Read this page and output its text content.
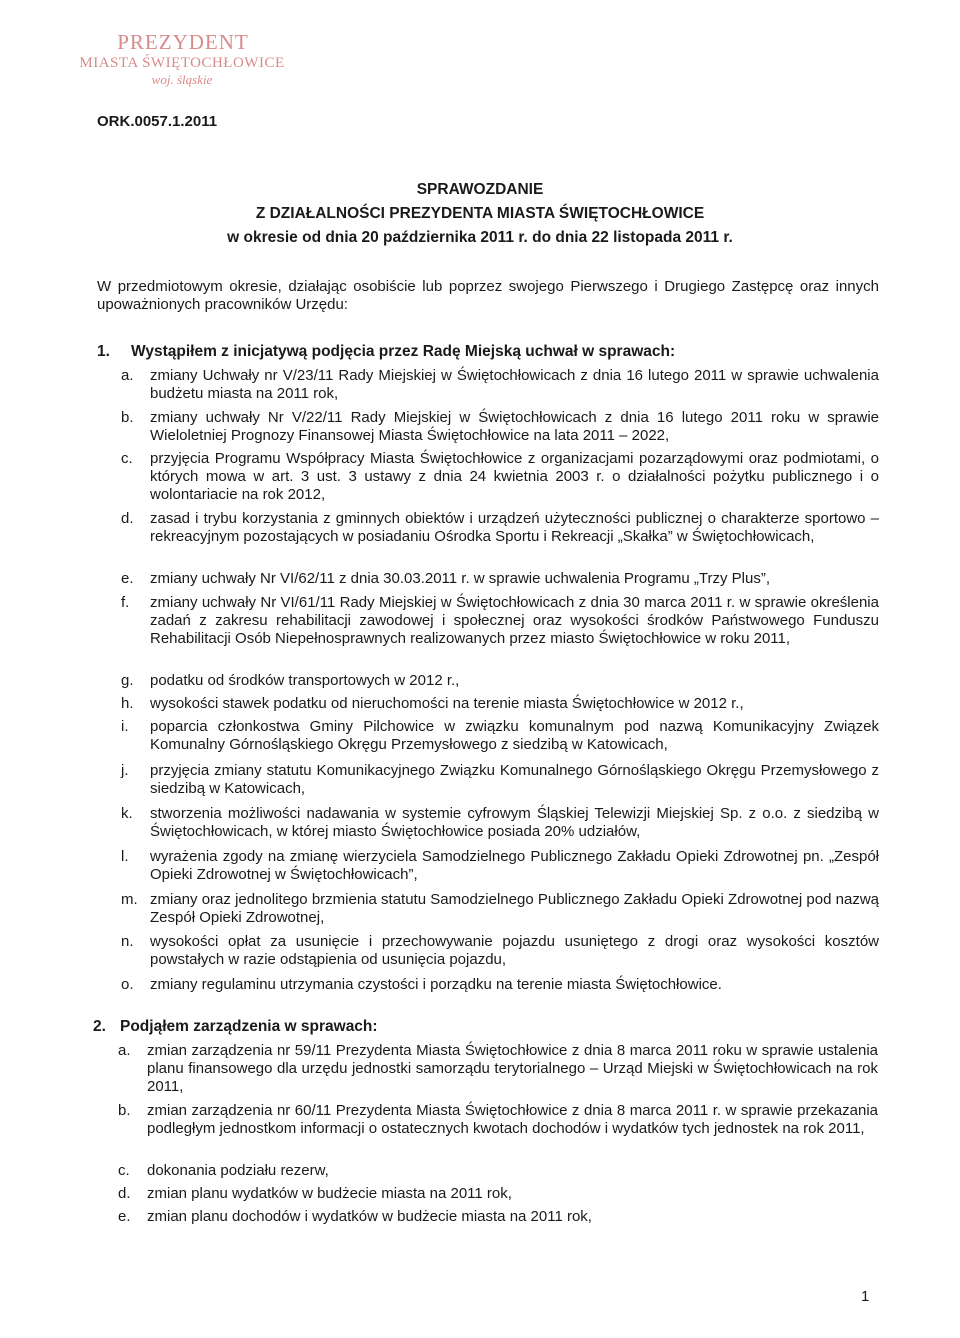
PREZYDENT
MIASTA ŚWIĘTOCHŁOWICE
woj. śląskie
ORK.0057.1.2011
SPRAWOZDANIE
Z DZIAŁALNOŚCI PREZYDENTA MIASTA ŚWIĘTOCHŁOWICE
w okresie od dnia 20 października 2011 r. do dnia 22 listopada 2011 r.
W przedmiotowym okresie, działając osobiście lub poprzez swojego Pierwszego i Drugiego Zastępcę oraz innych upoważnionych pracowników Urzędu:
1. Wystąpiłem z inicjatywą podjęcia przez Radę Miejską uchwał w sprawach:
a. zmiany Uchwały nr V/23/11 Rady Miejskiej w Świętochłowicach z dnia 16 lutego 2011 w sprawie uchwalenia budżetu miasta na 2011 rok,
b. zmiany uchwały Nr V/22/11 Rady Miejskiej w Świętochłowicach z dnia 16 lutego 2011 roku w sprawie Wieloletniej Prognozy Finansowej Miasta Świętochłowice na lata 2011 – 2022,
c. przyjęcia Programu Współpracy Miasta Świętochłowice z organizacjami pozarządowymi oraz podmiotami, o których mowa w art. 3 ust. 3 ustawy z dnia 24 kwietnia 2003 r. o działalności pożytku publicznego i o wolontariacie na rok 2012,
d. zasad i trybu korzystania z gminnych obiektów i urządzeń użyteczności publicznej o charakterze sportowo – rekreacyjnym pozostających w posiadaniu Ośrodka Sportu i Rekreacji „Skałka” w Świętochłowicach,
e. zmiany uchwały Nr VI/62/11 z dnia 30.03.2011 r. w sprawie uchwalenia Programu „Trzy Plus”,
f. zmiany uchwały Nr VI/61/11 Rady Miejskiej w Świętochłowicach z dnia 30 marca 2011 r. w sprawie określenia zadań z zakresu rehabilitacji zawodowej i społecznej oraz wysokości środków Państwowego Funduszu Rehabilitacji Osób Niepełnosprawnych realizowanych przez miasto Świętochłowice w roku 2011,
g. podatku od środków transportowych w 2012 r.,
h. wysokości stawek podatku od nieruchomości na terenie miasta Świętochłowice w 2012 r.,
i. poparcia członkostwa Gminy Pilchowice w związku komunalnym pod nazwą Komunikacyjny Związek Komunalny Górnośląskiego Okręgu Przemysłowego z siedzibą w Katowicach,
j. przyjęcia zmiany statutu Komunikacyjnego Związku Komunalnego Górnośląskiego Okręgu Przemysłowego z siedzibą w Katowicach,
k. stworzenia możliwości nadawania w systemie cyfrowym Śląskiej Telewizji Miejskiej Sp. z o.o. z siedzibą w Świętochłowicach, w której miasto Świętochłowice posiada 20% udziałów,
l. wyrażenia zgody na zmianę wierzyciela Samodzielnego Publicznego Zakładu Opieki Zdrowotnej pn. „Zespół Opieki Zdrowotnej w Świętochłowicach”,
m. zmiany oraz jednolitego brzmienia statutu Samodzielnego Publicznego Zakładu Opieki Zdrowotnej pod nazwą Zespół Opieki Zdrowotnej,
n. wysokości opłat za usunięcie i przechowywanie pojazdu usuniętego z drogi oraz wysokości kosztów powstałych w razie odstąpienia od usunięcia pojazdu,
o. zmiany regulaminu utrzymania czystości i porządku na terenie miasta Świętochłowice.
2. Podjąłem zarządzenia w sprawach:
a. zmian zarządzenia nr 59/11 Prezydenta Miasta Świętochłowice z dnia 8 marca 2011 roku w sprawie ustalenia planu finansowego dla urzędu jednostki samorządu terytorialnego – Urząd Miejski w Świętochłowicach na rok 2011,
b. zmian zarządzenia nr 60/11 Prezydenta Miasta Świętochłowice z dnia 8 marca 2011 r. w sprawie przekazania podległym jednostkom informacji o ostatecznych kwotach dochodów i wydatków tych jednostek na rok 2011,
c. dokonania podziału rezerw,
d. zmian planu wydatków w budżecie miasta na 2011 rok,
e. zmian planu dochodów i wydatków w budżecie miasta na 2011 rok,
1
